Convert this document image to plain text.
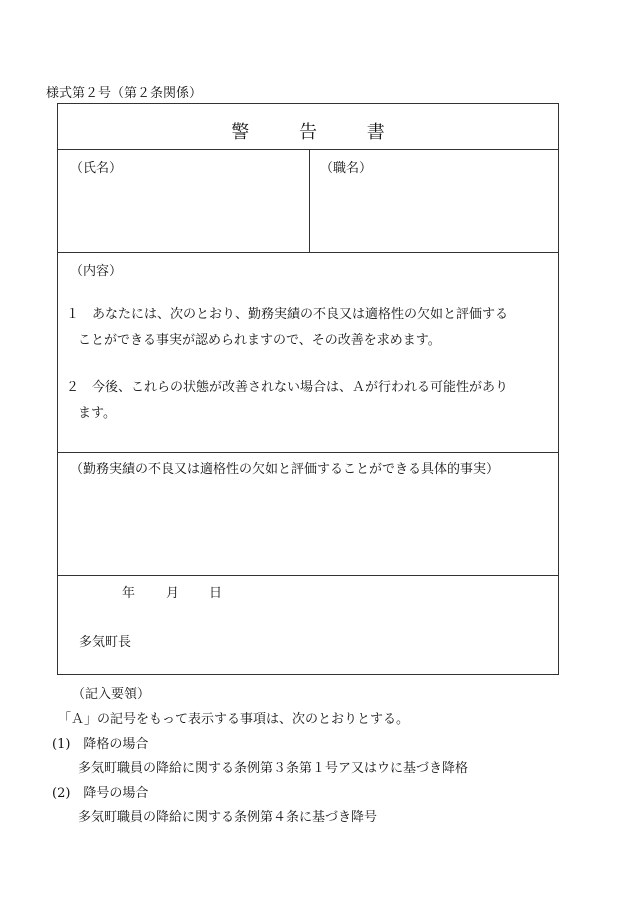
様式第２号（第２条関係）
警 告 書
（氏名）	（職名）
（内容）
１　あなたには、次のとおり、勤務実績の不良又は適格性の欠如と評価する
ことができる事実が認められますので、その改善を求めます。
２　今後、これらの状態が改善されない場合は、Ａが行われる可能性があり
ます。
（勤務実績の不良又は適格性の欠如と評価することができる具体的事実）
年 月 日
多気町長
（記入要領）
「Ａ」の記号をもって表示する事項は、次のとおりとする。
(1)　降格の場合
多気町職員の降給に関する条例第３条第１号ア又はウに基づき降格
(2)　降号の場合
多気町職員の降給に関する条例第４条に基づき降号
